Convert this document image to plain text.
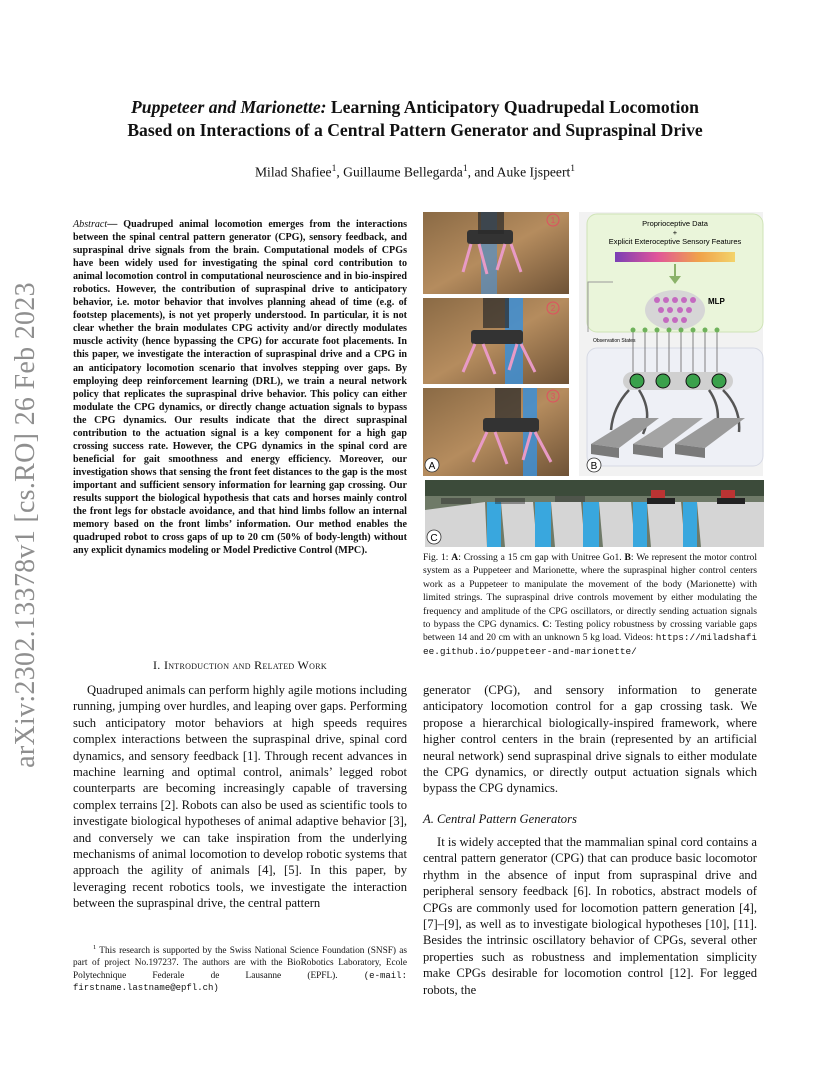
arXiv:2302.13378v1 [cs.RO] 26 Feb 2023
Puppeteer and Marionette: Learning Anticipatory Quadrupedal Locomotion
Based on Interactions of a Central Pattern Generator and Supraspinal Drive
Milad Shafiee$^1$, Guillaume Bellegarda$^1$, and Auke Ijspeert$^1$
Abstract— Quadruped animal locomotion emerges from the interactions between the spinal central pattern generator (CPG), sensory feedback, and supraspinal drive signals from the brain. Computational models of CPGs have been widely used for investigating the spinal cord contribution to animal locomotion control in computational neuroscience and in bio-inspired robotics. However, the contribution of supraspinal drive to anticipatory behavior, i.e. motor behavior that involves planning ahead of time (e.g. of footstep placements), is not yet properly understood. In particular, it is not clear whether the brain modulates CPG activity and/or directly modulates muscle activity (hence bypassing the CPG) for accurate foot placements. In this paper, we investigate the interaction of supraspinal drive and a CPG in an anticipatory locomotion scenario that involves stepping over gaps. By employing deep reinforcement learning (DRL), we train a neural network policy that replicates the supraspinal drive behavior. This policy can either modulate the CPG dynamics, or directly change actuation signals to bypass the CPG dynamics. Our results indicate that the direct supraspinal contribution to the actuation signal is a key component for a high gap crossing success rate. However, the CPG dynamics in the spinal cord are beneficial for gait smoothness and energy efficiency. Moreover, our investigation shows that sensing the front feet distances to the gap is the most important and sufficient sensory information for learning gap crossing. Our results support the biological hypothesis that cats and horses mainly control the front legs for obstacle avoidance, and that hind limbs follow an internal memory based on the front limbs’ information. Our method enables the quadruped robot to cross gaps of up to 20 cm (50% of body-length) without any explicit dynamics modeling or Model Predictive Control (MPC).
I. Introduction and Related Work

Quadruped animals can perform highly agile motions including running, jumping over hurdles, and leaping over gaps. Performing such anticipatory motor behaviors at high speeds requires complex interactions between the supraspinal drive, spinal cord dynamics, and sensory feedback [1]. Through recent advances in machine learning and optimal control, animals’ legged robot counterparts are becoming increasingly capable of traversing complex terrains [2]. Robots can also be used as scientific tools to investigate biological hypotheses of animal adaptive behavior [3], and conversely we can take inspiration from the underlying mechanisms of animal locomotion to develop robotic systems that approach the agility of animals [4], [5]. In this paper, by leveraging recent robotics tools, we investigate the interaction between the supraspinal drive, the central pattern

$^1$ This research is supported by the Swiss National Science Foundation (SNSF) as part of project No.197237. The authors are with the BioRobotics Laboratory, Ecole Polytechnique Federale de Lausanne (EPFL). (e-mail: firstname.lastname@epfl.ch)
1
2
3
A
Proprioceptive Data
+
Explicit Exteroceptive Sensory Features
MLP
Observation States
B
C
Fig. 1: A: Crossing a 15 cm gap with Unitree Go1. B: We represent the motor control system as a Puppeteer and Marionette, where the supraspinal higher control centers work as a Puppeteer to manipulate the movement of the body (Marionette) with limited strings. The supraspinal drive controls movement by either modulating the frequency and amplitude of the CPG oscillators, or directly sending actuation signals to bypass the CPG dynamics. C: Testing policy robustness by crossing variable gaps between 14 and 20 cm with an unknown 5 kg load. Videos: https://miladshafiee.github.io/puppeteer-and-marionette/

generator (CPG), and sensory information to generate anticipatory locomotion control for a gap crossing task. We propose a hierarchical biologically-inspired framework, where higher control centers in the brain (represented by an artificial neural network) send supraspinal drive signals to either modulate the CPG dynamics, or directly output actuation signals which bypass the CPG dynamics.

A. Central Pattern Generators

It is widely accepted that the mammalian spinal cord contains a central pattern generator (CPG) that can produce basic locomotor rhythm in the absence of input from supraspinal drive and peripheral sensory feedback [6]. In robotics, abstract models of CPGs are commonly used for locomotion pattern generation [4], [7]–[9], as well as to investigate biological hypotheses [10], [11]. Besides the intrinsic oscillatory behavior of CPGs, several other properties such as robustness and implementation simplicity make CPGs desirable for locomotion control [12]. For legged robots, the
